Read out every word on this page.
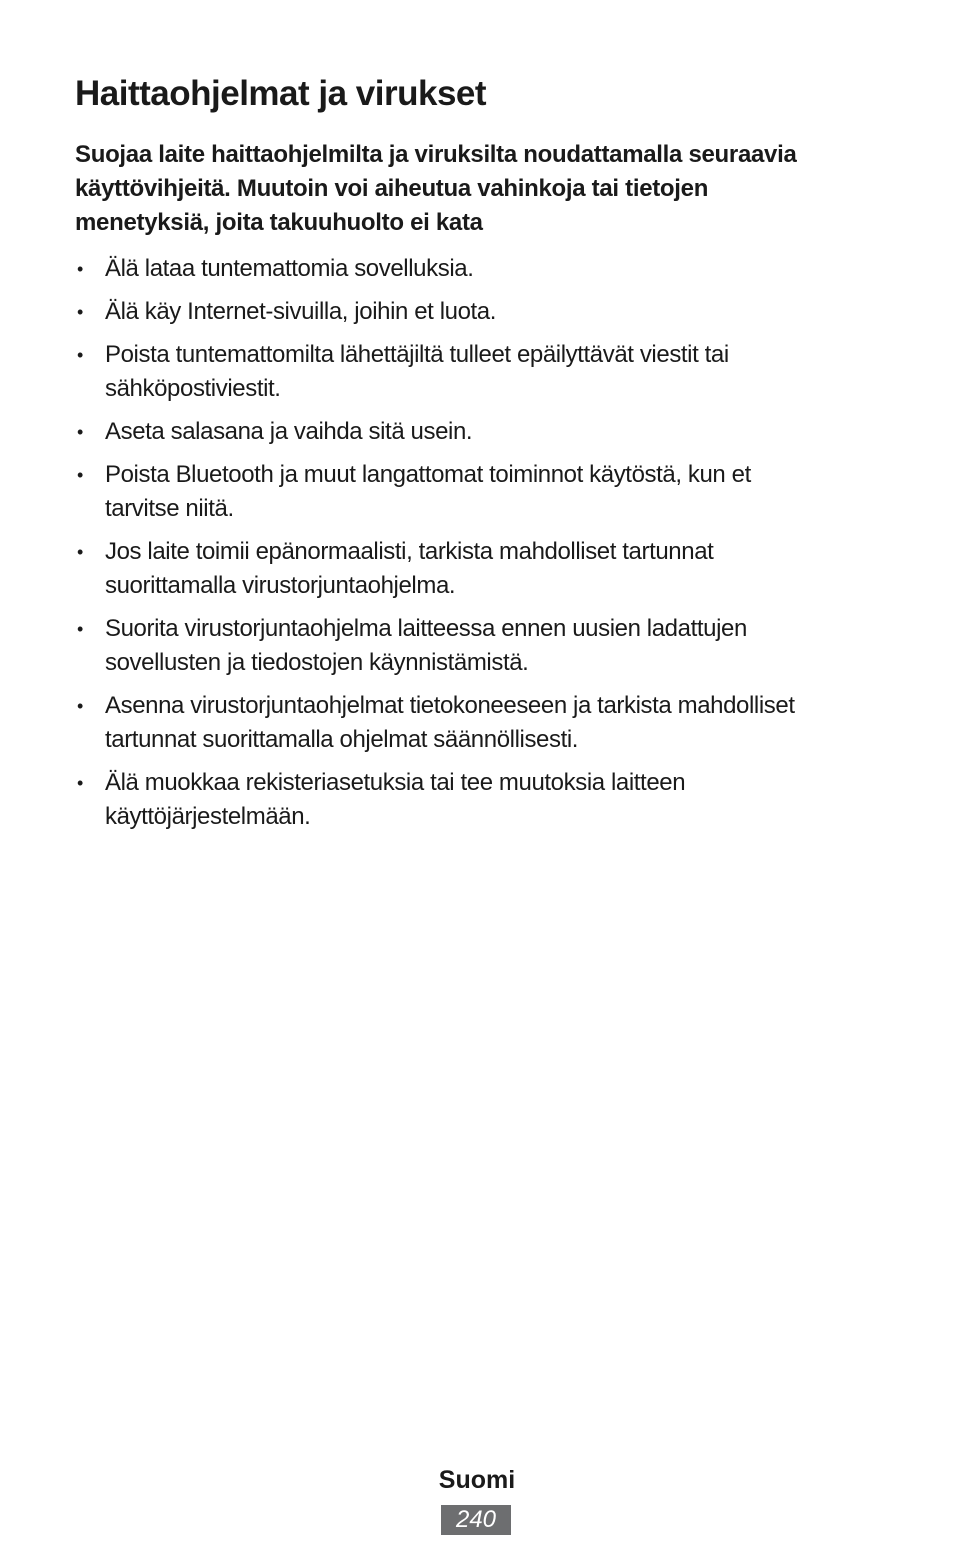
Haittaohjelmat ja virukset

Suojaa laite haittaohjelmilta ja viruksilta noudattamalla seuraavia
käyttövihjeitä. Muutoin voi aiheutua vahinkoja tai tietojen
menetyksiä, joita takuuhuolto ei kata

• Älä lataa tuntemattomia sovelluksia.
• Älä käy Internet-sivuilla, joihin et luota.
• Poista tuntemattomilta lähettäjiltä tulleet epäilyttävät viestit tai
sähköpostiviestit.
• Aseta salasana ja vaihda sitä usein.
• Poista Bluetooth ja muut langattomat toiminnot käytöstä, kun et
tarvitse niitä.
• Jos laite toimii epänormaalisti, tarkista mahdolliset tartunnat
suorittamalla virustorjuntaohjelma.
• Suorita virustorjuntaohjelma laitteessa ennen uusien ladattujen
sovellusten ja tiedostojen käynnistämistä.
• Asenna virustorjuntaohjelmat tietokoneeseen ja tarkista mahdolliset
tartunnat suorittamalla ohjelmat säännöllisesti.
• Älä muokkaa rekisteriasetuksia tai tee muutoksia laitteen
käyttöjärjestelmään.
Suomi
240
